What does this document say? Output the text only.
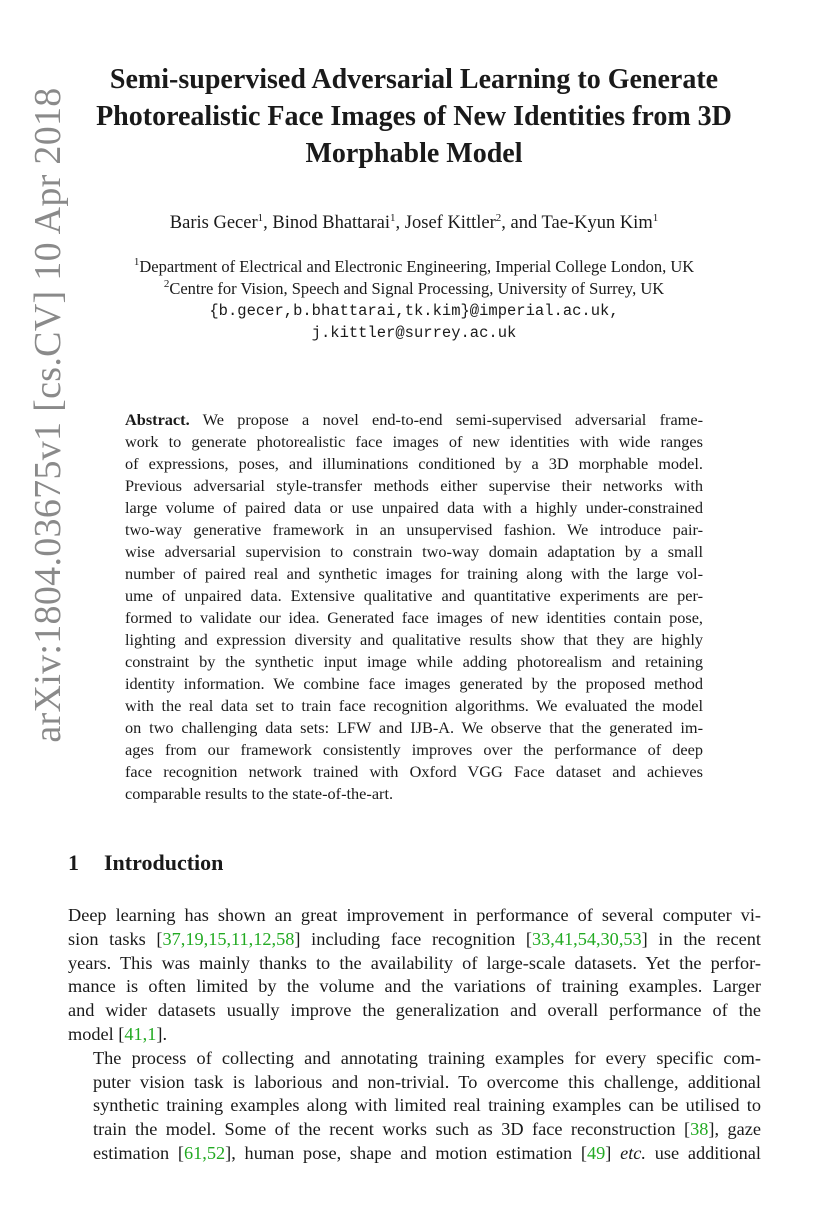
arXiv:1804.03675v1 [cs.CV] 10 Apr 2018
Semi-supervised Adversarial Learning to Generate
Photorealistic Face Images of New Identities from 3D
Morphable Model
Baris Gecer$^1$, Binod Bhattarai$^1$, Josef Kittler$^2$, and Tae-Kyun Kim$^1$
$^1$Department of Electrical and Electronic Engineering, Imperial College London, UK
$^2$Centre for Vision, Speech and Signal Processing, University of Surrey, UK
{b.gecer,b.bhattarai,tk.kim}@imperial.ac.uk,
j.kittler@surrey.ac.uk
Abstract. We propose a novel end-to-end semi-supervised adversarial frame-
work to generate photorealistic face images of new identities with wide ranges
of expressions, poses, and illuminations conditioned by a 3D morphable model.
Previous adversarial style-transfer methods either supervise their networks with
large volume of paired data or use unpaired data with a highly under-constrained
two-way generative framework in an unsupervised fashion. We introduce pair-
wise adversarial supervision to constrain two-way domain adaptation by a small
number of paired real and synthetic images for training along with the large vol-
ume of unpaired data. Extensive qualitative and quantitative experiments are per-
formed to validate our idea. Generated face images of new identities contain pose,
lighting and expression diversity and qualitative results show that they are highly
constraint by the synthetic input image while adding photorealism and retaining
identity information. We combine face images generated by the proposed method
with the real data set to train face recognition algorithms. We evaluated the model
on two challenging data sets: LFW and IJB-A. We observe that the generated im-
ages from our framework consistently improves over the performance of deep
face recognition network trained with Oxford VGG Face dataset and achieves
comparable results to the state-of-the-art.
1 Introduction

Deep learning has shown an great improvement in performance of several computer vi-
sion tasks [37,19,15,11,12,58] including face recognition [33,41,54,30,53] in the recent
years. This was mainly thanks to the availability of large-scale datasets. Yet the perfor-
mance is often limited by the volume and the variations of training examples. Larger
and wider datasets usually improve the generalization and overall performance of the
model [41,1].

The process of collecting and annotating training examples for every specific com-
puter vision task is laborious and non-trivial. To overcome this challenge, additional
synthetic training examples along with limited real training examples can be utilised to
train the model. Some of the recent works such as 3D face reconstruction [38], gaze
estimation [61,52], human pose, shape and motion estimation [49] etc. use additional
